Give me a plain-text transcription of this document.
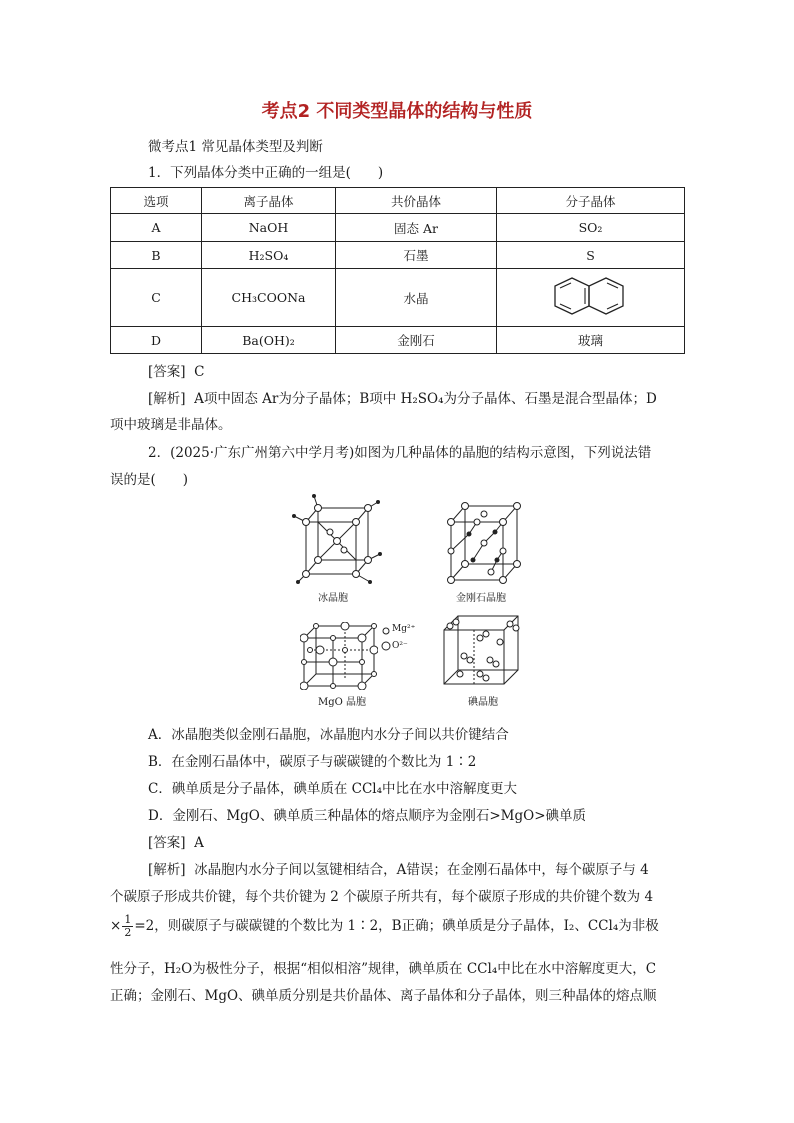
考点2 不同类型晶体的结构与性质
微考点1 常见晶体类型及判断
1．下列晶体分类中正确的一组是(　　)
选项	离子晶体	共价晶体	分子晶体
A	NaOH	固态 Ar	SO₂
B	H₂SO₄	石墨	S
C	CH₃COONa	水晶	
D	Ba(OH)₂	金刚石	玻璃
[答案] C
[解析] A项中固态 Ar为分子晶体；B项中 H₂SO₄为分子晶体、石墨是混合型晶体；D
项中玻璃是非晶体。
2．(2025·广东广州第六中学月考)如图为几种晶体的晶胞的结构示意图，下列说法错
误的是(　　)
冰晶胞	金刚石晶胞
Mg²⁺
O²⁻
MgO 晶胞	碘晶胞
A．冰晶胞类似金刚石晶胞，冰晶胞内水分子间以共价键结合
B．在金刚石晶体中，碳原子与碳碳键的个数比为 1∶2
C．碘单质是分子晶体，碘单质在 CCl₄中比在水中溶解度更大
D．金刚石、MgO、碘单质三种晶体的熔点顺序为金刚石>MgO>碘单质
[答案] A
[解析] 冰晶胞内水分子间以氢键相结合，A错误；在金刚石晶体中，每个碳原子与 4
个碳原子形成共价键，每个共价键为 2 个碳原子所共有，每个碳原子形成的共价键个数为 4
× $\frac{1}{2} =2$，则碳原子与碳碳键的个数比为 1∶2，B正确；碘单质是分子晶体，I₂、CCl₄为非极
性分子，H₂O为极性分子，根据“相似相溶”规律，碘单质在 CCl₄中比在水中溶解度更大，C
正确；金刚石、MgO、碘单质分别是共价晶体、离子晶体和分子晶体，则三种晶体的熔点顺
